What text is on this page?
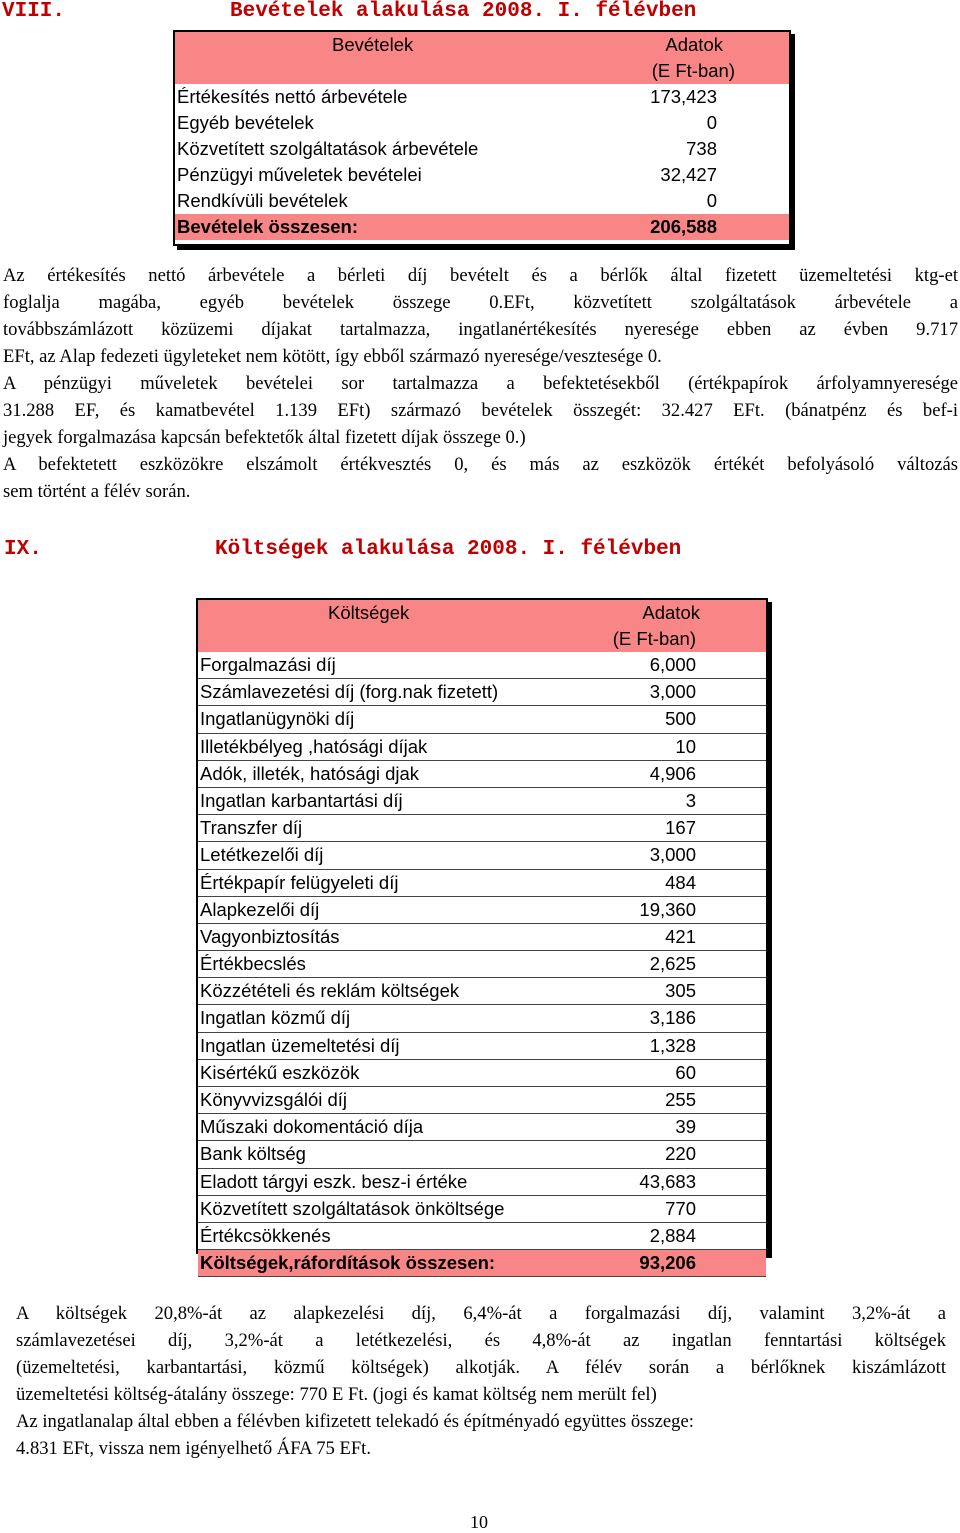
VIII.	Bevételek alakulása 2008. I. félévben
Bevételek	Adatok
(E Ft-ban)
Értékesítés nettó árbevétele	173,423
Egyéb bevételek	0
Közvetített szolgáltatások árbevétele	738
Pénzügyi műveletek bevételei	32,427
Rendkívüli bevételek	0
Bevételek összesen:	206,588
Az értékesítés nettó árbevétele a bérleti díj bevételt és a bérlők által fizetett üzemeltetési ktg-et
foglalja magába, egyéb bevételek összege 0.EFt, közvetített szolgáltatások árbevétele a
továbbszámlázott közüzemi díjakat tartalmazza, ingatlanértékesítés nyeresége ebben az évben 9.717
EFt, az Alap fedezeti ügyleteket nem kötött, így ebből származó nyeresége/vesztesége 0.
A pénzügyi műveletek bevételei sor tartalmazza a befektetésekből (értékpapírok árfolyamnyeresége
31.288 EF, és kamatbevétel 1.139 EFt) származó bevételek összegét: 32.427 EFt. (bánatpénz és bef-i
jegyek forgalmazása kapcsán befektetők által fizetett díjak összege 0.)
A befektetett eszközökre elszámolt értékvesztés 0, és más az eszközök értékét befolyásoló változás
sem történt a félév során.
IX.	Költségek alakulása 2008. I. félévben
Költségek	Adatok
(E Ft-ban)
Forgalmazási díj	6,000
Számlavezetési díj (forg.nak fizetett)	3,000
Ingatlanügynöki díj	500
Illetékbélyeg ,hatósági díjak	10
Adók, illeték, hatósági djak	4,906
Ingatlan karbantartási díj	3
Transzfer díj	167
Letétkezelői díj	3,000
Értékpapír felügyeleti díj	484
Alapkezelői díj	19,360
Vagyonbiztosítás	421
Értékbecslés	2,625
Közzétételi és reklám költségek	305
Ingatlan közmű díj	3,186
Ingatlan üzemeltetési díj	1,328
Kisértékű eszközök	60
Könyvvizsgálói díj	255
Műszaki dokomentáció díja	39
Bank költség	220
Eladott tárgyi eszk. besz-i értéke	43,683
Közvetített szolgáltatások önköltsége	770
Értékcsökkenés	2,884
Költségek,ráfordítások összesen:	93,206
A költségek 20,8%-át az alapkezelési díj, 6,4%-át a forgalmazási díj, valamint 3,2%-át a
számlavezetései díj, 3,2%-át a letétkezelési, és 4,8%-át az ingatlan fenntartási költségek
(üzemeltetési, karbantartási, közmű költségek) alkotják. A félév során a bérlőknek kiszámlázott
üzemeltetési költség-átalány összege: 770 E Ft. (jogi és kamat költség nem merült fel)
Az ingatlanalap által ebben a félévben kifizetett telekadó és építményadó együttes összege:
4.831 EFt, vissza nem igényelhető ÁFA 75 EFt.
10
